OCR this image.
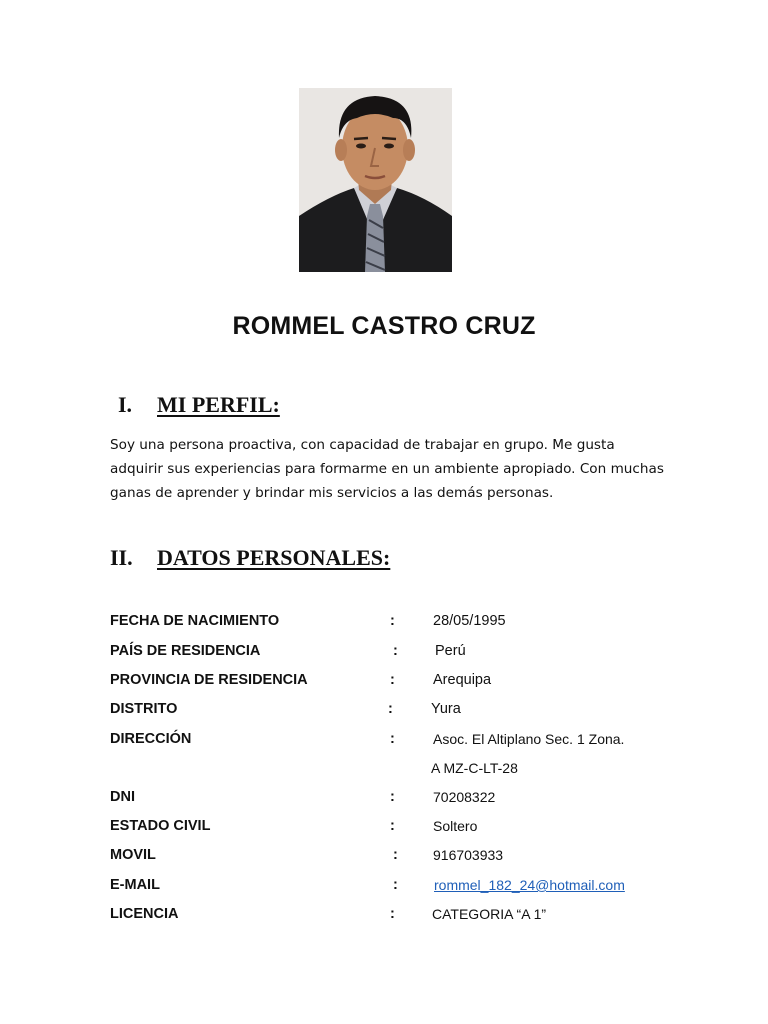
ROMMEL CASTRO CRUZ
I. MI PERFIL:
Soy una persona proactiva, con capacidad de trabajar en grupo. Me gusta adquirir sus experiencias para formarme en un ambiente apropiado. Con muchas ganas de aprender y brindar mis servicios a las demás personas.
II. DATOS PERSONALES:
FECHA DE NACIMIENTO	:	28/05/1995
PAÍS DE RESIDENCIA	:	Perú
PROVINCIA DE RESIDENCIA	:	Arequipa
DISTRITO	:	Yura
DIRECCIÓN	:	Asoc. El Altiplano Sec. 1 Zona.
A MZ-C-LT-28
DNI	:	70208322
ESTADO CIVIL	:	Soltero
MOVIL	:	916703933
E-MAIL	:	rommel_182_24@hotmail.com
LICENCIA	:	CATEGORIA “A 1”
